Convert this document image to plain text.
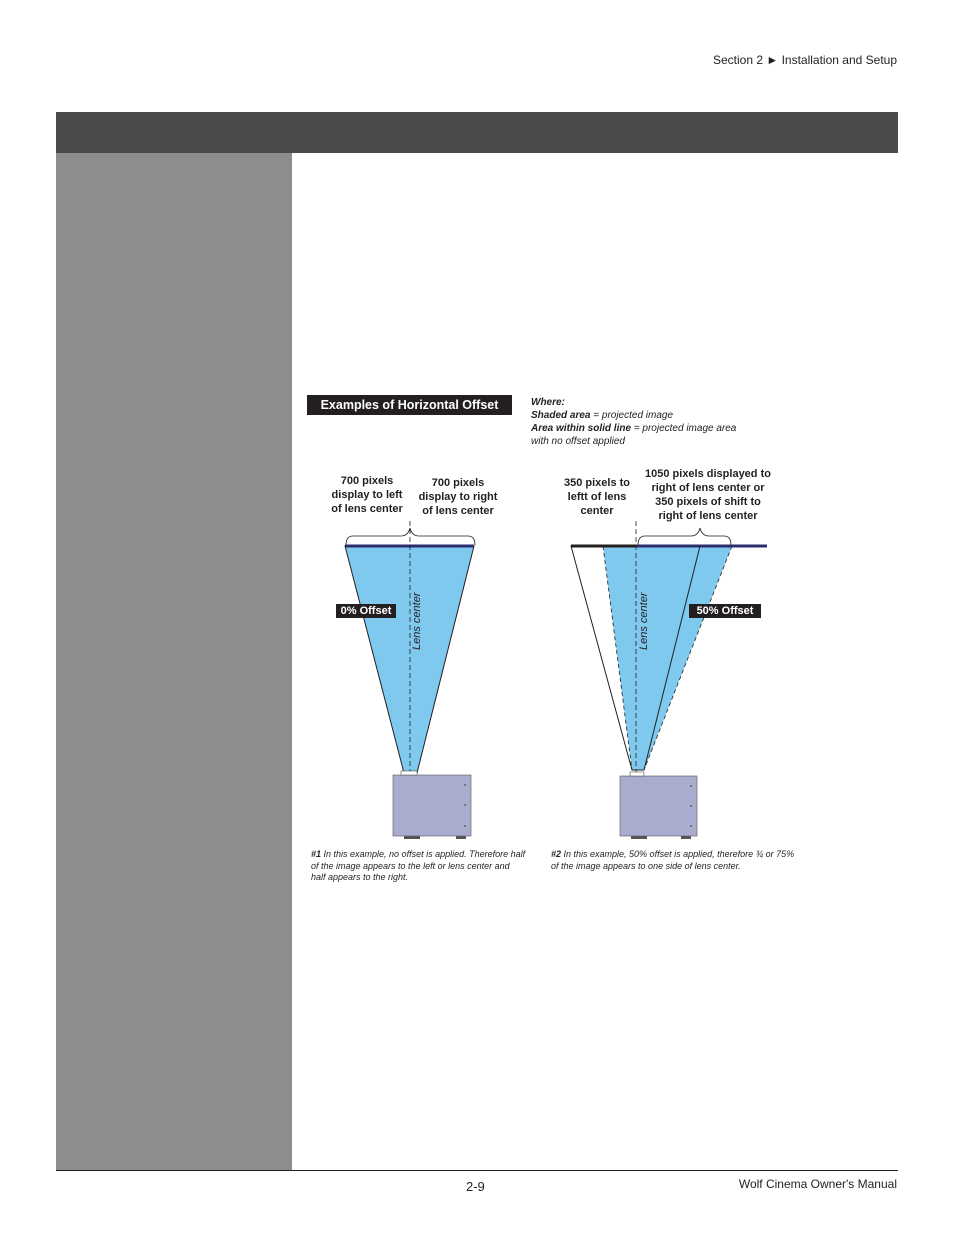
Section 2 ► Installation and Setup
Examples of Horizontal Offset	Where:
Shaded area = projected image
Area within solid line = projected image area
with no offset applied
700 pixels display to left of lens center
700 pixels display to right of lens center
0% Offset	Lens center
#1 In this example, no offset is applied. Therefore half of the image appears to the left or lens center and half appears to the right.
350 pixels to leftt of lens center
1050 pixels displayed to right of lens center or 350 pixels of shift to right of lens center
50% Offset
Lens center
#2 In this example, 50% offset is applied, therefore ¾ or 75% of the image appears to one side of lens center.
2-9	Wolf Cinema Owner's Manual
